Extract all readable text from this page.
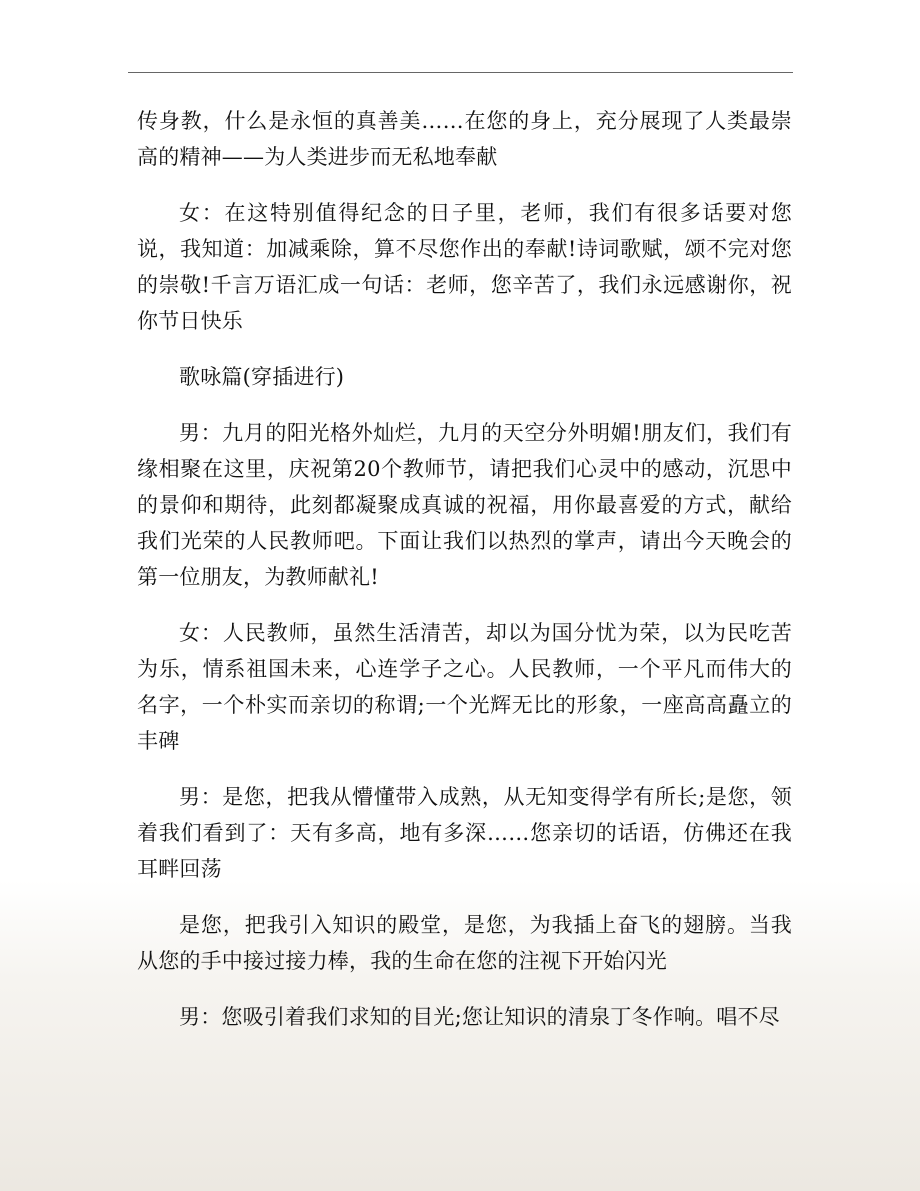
传身教，什么是永恒的真善美……在您的身上，充分展现了人类最崇高的精神——为人类进步而无私地奉献

女：在这特别值得纪念的日子里，老师，我们有很多话要对您说，我知道：加减乘除，算不尽您作出的奉献!诗词歌赋，颂不完对您的崇敬!千言万语汇成一句话：老师，您辛苦了，我们永远感谢你，祝你节日快乐

歌咏篇(穿插进行)

男：九月的阳光格外灿烂，九月的天空分外明媚!朋友们，我们有缘相聚在这里，庆祝第20个教师节，请把我们心灵中的感动，沉思中的景仰和期待，此刻都凝聚成真诚的祝福，用你最喜爱的方式，献给我们光荣的人民教师吧。下面让我们以热烈的掌声，请出今天晚会的第一位朋友，为教师献礼!

女：人民教师，虽然生活清苦，却以为国分忧为荣，以为民吃苦为乐，情系祖国未来，心连学子之心。人民教师，一个平凡而伟大的名字，一个朴实而亲切的称谓;一个光辉无比的形象，一座高高矗立的丰碑

男：是您，把我从懵懂带入成熟，从无知变得学有所长;是您，领着我们看到了：天有多高，地有多深……您亲切的话语，仿佛还在我耳畔回荡

是您，把我引入知识的殿堂，是您，为我插上奋飞的翅膀。当我从您的手中接过接力棒，我的生命在您的注视下开始闪光

男：您吸引着我们求知的目光;您让知识的清泉丁冬作响。唱不尽
